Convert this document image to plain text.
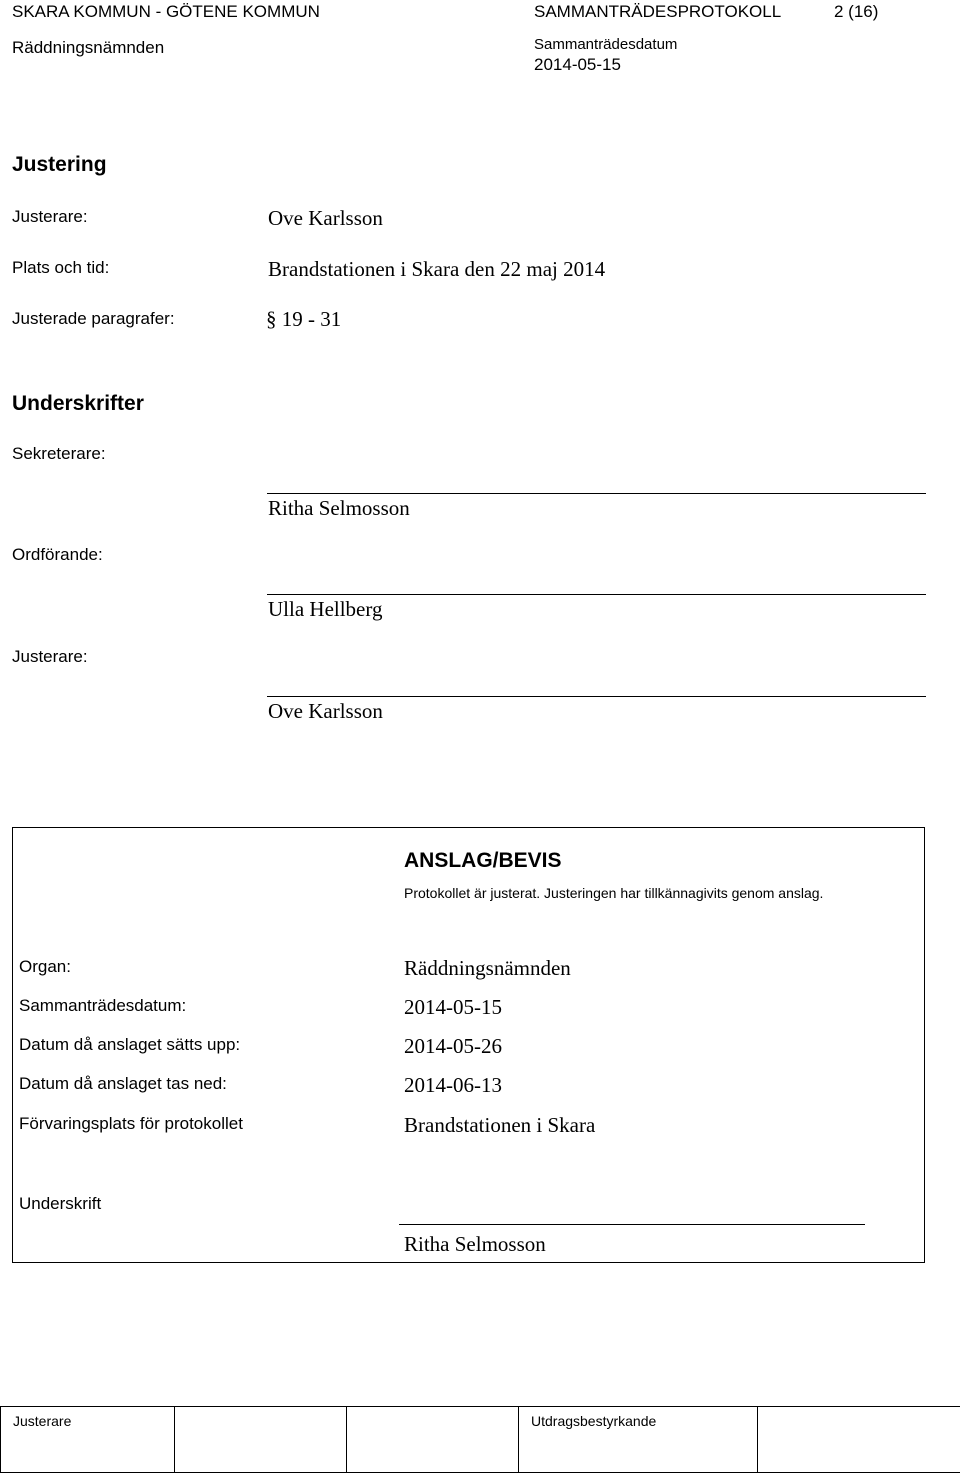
SKARA KOMMUN - GÖTENE KOMMUN	SAMMANTRÄDESPROTOKOLL	2 (16)
Räddningsnämnden	Sammanträdesdatum
2014-05-15
Justering
Justerare:	Ove Karlsson
Plats och tid:	Brandstationen i Skara den 22 maj 2014
Justerade paragrafer:	§ 19 - 31
Underskrifter
Sekreterare:
Ritha Selmosson
Ordförande:
Ulla Hellberg
Justerare:
Ove Karlsson
ANSLAG/BEVIS
Protokollet är justerat. Justeringen har tillkännagivits genom anslag.
Organ:	Räddningsnämnden
Sammanträdesdatum:	2014-05-15
Datum då anslaget sätts upp:	2014-05-26
Datum då anslaget tas ned:	2014-06-13
Förvaringsplats för protokollet	Brandstationen i Skara
Underskrift
Ritha Selmosson
Justerare			Utdragsbestyrkande	
